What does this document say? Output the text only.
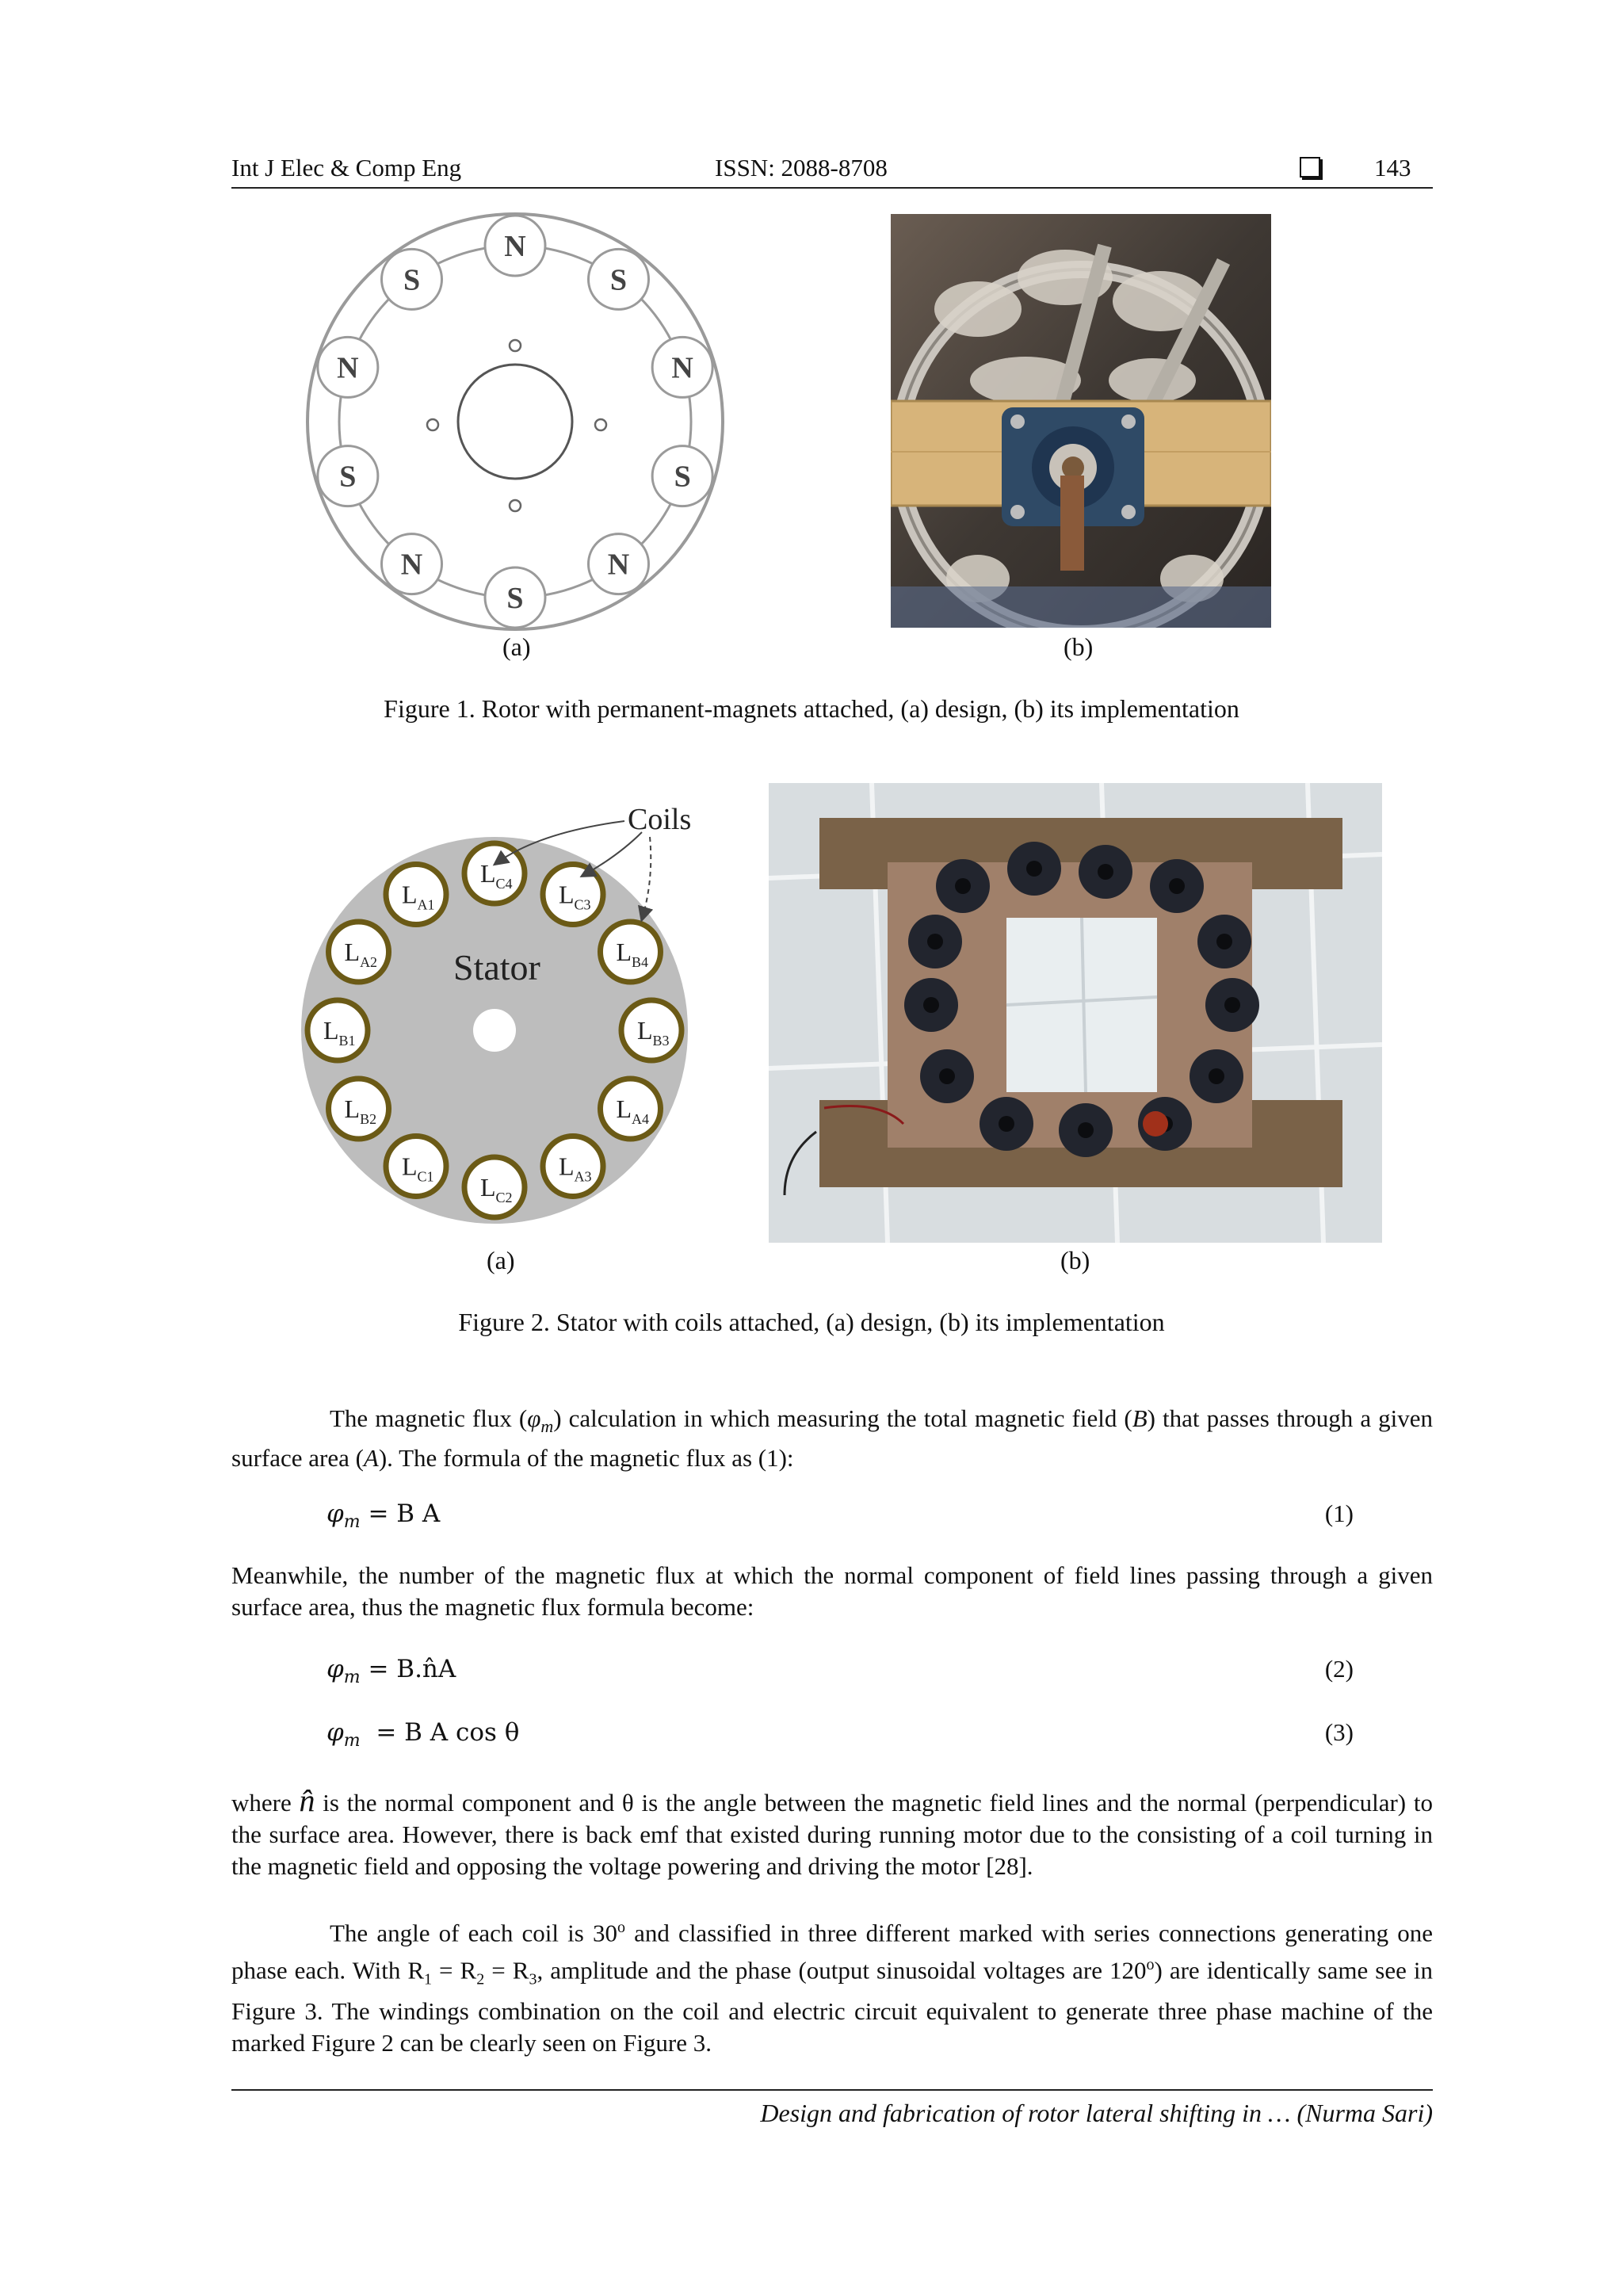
Int J Elec & Comp Eng	ISSN: 2088-8708	143
N
S
N
S
N
S
N
S
N
S
(a)	(b)
Figure 1. Rotor with permanent-magnets attached, (a) design, (b) its implementation
$L_{C4}$ $L_{C3}$
$L_{B4}$
$L_{B3}$
$L_{A4}$
$L_{A3}$
$L_{C2}$
$L_{C1}$
$L_{B2}$
$L_{B1}$
$L_{A2}$
$L_{A1}$
Stator
Coils
(a)	(b)
Figure 2. Stator with coils attached, (a) design, (b) its implementation
The magnetic flux $(\varphi_m)$ calculation in which measuring the total magnetic field (B) that passes through a given surface area (A). The formula of the magnetic flux as (1):
$\varphi_m = B$ A	(1)
Meanwhile, the number of the magnetic flux at which the normal component of field lines passing through a given surface area, thus the magnetic flux formula become:
$\varphi_m$ = B.n̂A	(2)
$\varphi_m = B$ A cos θ	(3)
where n̂ is the normal component and θ is the angle between the magnetic field lines and the normal (perpendicular) to the surface area. However, there is back emf that existed during running motor due to the consisting of a coil turning in the magnetic field and opposing the voltage powering and driving the motor [28].
The angle of each coil is 30$^o$ and classified in three different marked with series connections generating one phase each. With $R_1 = R_2 = R_3$, amplitude and the phase (output sinusoidal voltages are 120$^o$) are identically same see in Figure 3. The windings combination on the coil and electric circuit equivalent to generate three phase machine of the marked Figure 2 can be clearly seen on Figure 3.
Design and fabrication of rotor lateral shifting in … (Nurma Sari)
